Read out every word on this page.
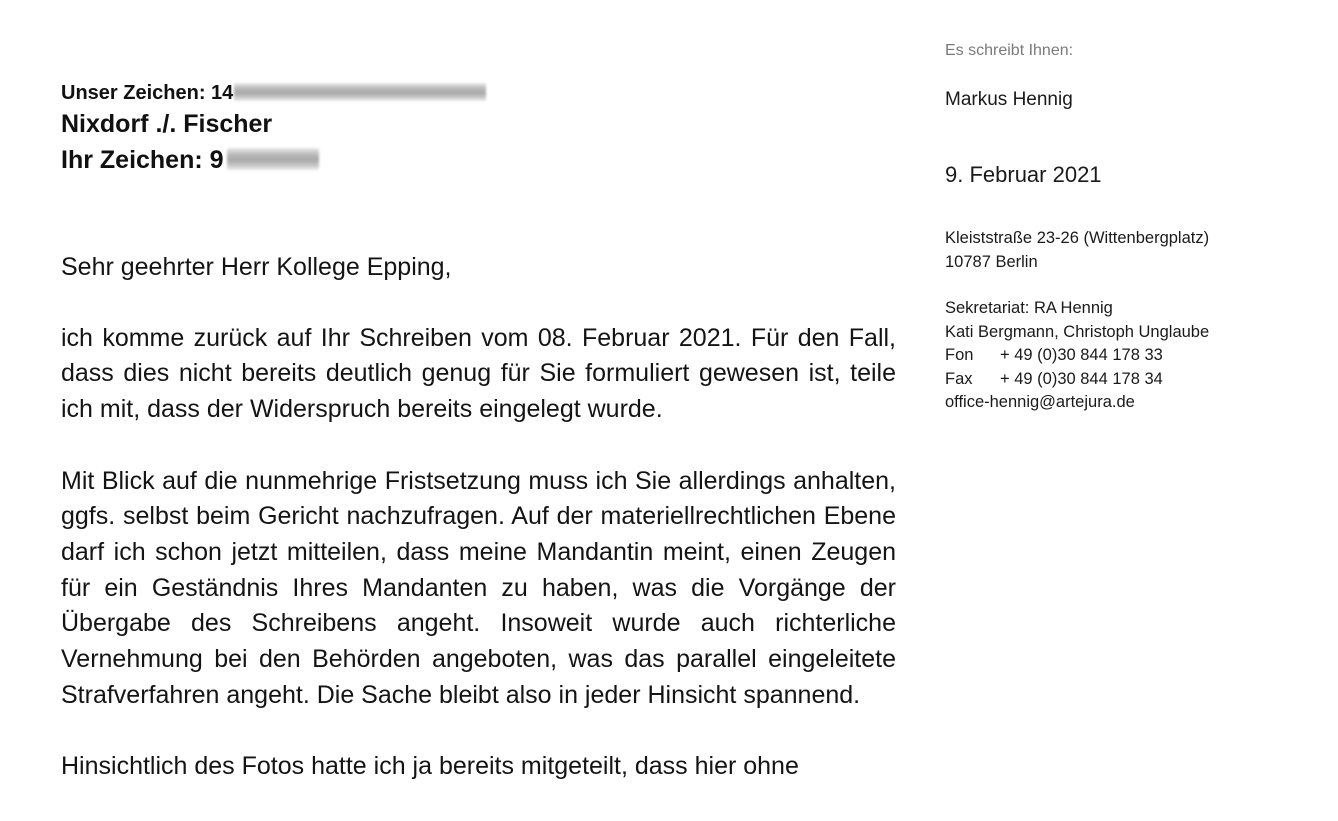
Unser Zeichen: 14
Nixdorf ./. Fischer
Ihr Zeichen: 9

Sehr geehrter Herr Kollege Epping,

ich komme zurück auf Ihr Schreiben vom 08. Februar 2021. Für den Fall, dass dies nicht bereits deutlich genug für Sie formuliert gewesen ist, teile ich mit, dass der Widerspruch bereits eingelegt wurde.

Mit Blick auf die nunmehrige Fristsetzung muss ich Sie allerdings anhalten, ggfs. selbst beim Gericht nachzufragen. Auf der materiellrechtlichen Ebene darf ich schon jetzt mitteilen, dass meine Mandantin meint, einen Zeugen für ein Geständnis Ihres Mandanten zu haben, was die Vorgänge der Übergabe des Schreibens angeht. Insoweit wurde auch richterliche Vernehmung bei den Behörden angeboten, was das parallel eingeleitete Strafverfahren angeht. Die Sache bleibt also in jeder Hinsicht spannend.

Hinsichtlich des Fotos hatte ich ja bereits mitgeteilt, dass hier ohne

Es schreibt Ihnen:
Markus Hennig
9. Februar 2021
Kleiststraße 23-26 (Wittenbergplatz)
10787 Berlin
Sekretariat: RA Hennig
Kati Bergmann, Christoph Unglaube
Fon + 49 (0)30 844 178 33
Fax + 49 (0)30 844 178 34
office-hennig@artejura.de
